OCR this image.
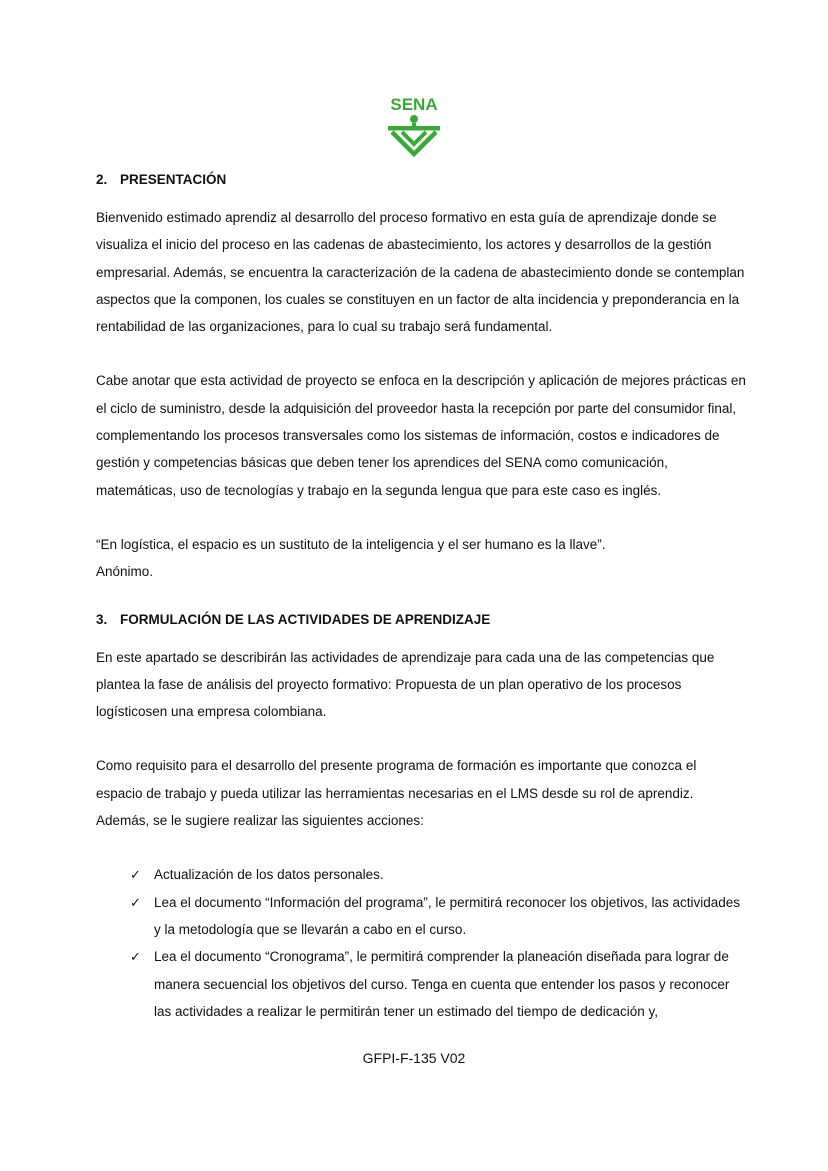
SENA
2. PRESENTACIÓN

Bienvenido estimado aprendiz al desarrollo del proceso formativo en esta guía de aprendizaje donde se visualiza el inicio del proceso en las cadenas de abastecimiento, los actores y desarrollos de la gestión empresarial. Además, se encuentra la caracterización de la cadena de abastecimiento donde se contemplan aspectos que la componen, los cuales se constituyen en un factor de alta incidencia y preponderancia en la rentabilidad de las organizaciones, para lo cual su trabajo será fundamental.

Cabe anotar que esta actividad de proyecto se enfoca en la descripción y aplicación de mejores prácticas en el ciclo de suministro, desde la adquisición del proveedor hasta la recepción por parte del consumidor final, complementando los procesos transversales como los sistemas de información, costos e indicadores de gestión y competencias básicas que deben tener los aprendices del SENA como comunicación, matemáticas, uso de tecnologías y trabajo en la segunda lengua que para este caso es inglés.

“En logística, el espacio es un sustituto de la inteligencia y el ser humano es la llave”.

Anónimo.

3. FORMULACIÓN DE LAS ACTIVIDADES DE APRENDIZAJE

En este apartado se describirán las actividades de aprendizaje para cada una de las competencias que plantea la fase de análisis del proyecto formativo: Propuesta de un plan operativo de los procesos logísticosen una empresa colombiana.

Como requisito para el desarrollo del presente programa de formación es importante que conozca el espacio de trabajo y pueda utilizar las herramientas necesarias en el LMS desde su rol de aprendiz. Además, se le sugiere realizar las siguientes acciones:

✓ Actualización de los datos personales.
✓ Lea el documento “Información del programa”, le permitirá reconocer los objetivos, las actividades y la metodología que se llevarán a cabo en el curso.
✓ Lea el documento “Cronograma”, le permitirá comprender la planeación diseñada para lograr de manera secuencial los objetivos del curso. Tenga en cuenta que entender los pasos y reconocer las actividades a realizar le permitirán tener un estimado del tiempo de dedicación y,
GFPI-F-135 V02
